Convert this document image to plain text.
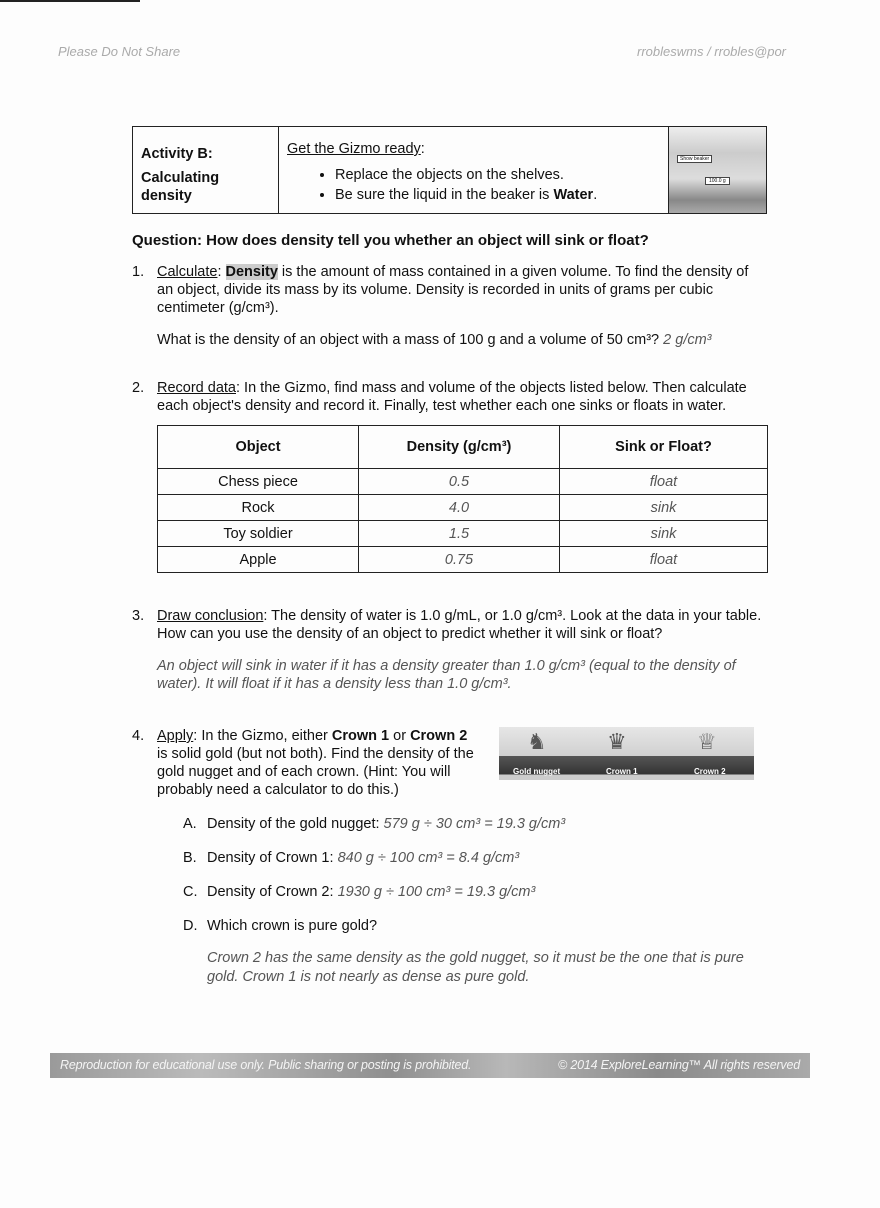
Please Do Not Share	rrobleswms / rrobles@por
Activity B:
Calculating density
Get the Gizmo ready:
• Replace the objects on the shelves.
• Be sure the liquid in the beaker is Water.
Show beaker
100.0 g
Question: How does density tell you whether an object will sink or float?
1. Calculate: Density is the amount of mass contained in a given volume. To find the density of an object, divide its mass by its volume. Density is recorded in units of grams per cubic centimeter (g/cm³).
What is the density of an object with a mass of 100 g and a volume of 50 cm³? 2 g/cm³
2. Record data: In the Gizmo, find mass and volume of the objects listed below. Then calculate each object's density and record it. Finally, test whether each one sinks or floats in water.
Object	Density (g/cm³)	Sink or Float?
Chess piece	0.5	float
Rock	4.0	sink
Toy soldier	1.5	sink
Apple	0.75	float
3. Draw conclusion: The density of water is 1.0 g/mL, or 1.0 g/cm³. Look at the data in your table. How can you use the density of an object to predict whether it will sink or float?
An object will sink in water if it has a density greater than 1.0 g/cm³ (equal to the density of water). It will float if it has a density less than 1.0 g/cm³.
4. Apply: In the Gizmo, either Crown 1 or Crown 2 is solid gold (but not both). Find the density of the gold nugget and of each crown. (Hint: You will probably need a calculator to do this.)
♞	♛	♕
Gold nugget	Crown 1	Crown 2
A. Density of the gold nugget: 579 g ÷ 30 cm³ = 19.3 g/cm³
B. Density of Crown 1: 840 g ÷ 100 cm³ = 8.4 g/cm³
C. Density of Crown 2: 1930 g ÷ 100 cm³ = 19.3 g/cm³
D. Which crown is pure gold?
Crown 2 has the same density as the gold nugget, so it must be the one that is pure gold. Crown 1 is not nearly as dense as pure gold.
Reproduction for educational use only. Public sharing or posting is prohibited.	© 2014 ExploreLearning™ All rights reserved
